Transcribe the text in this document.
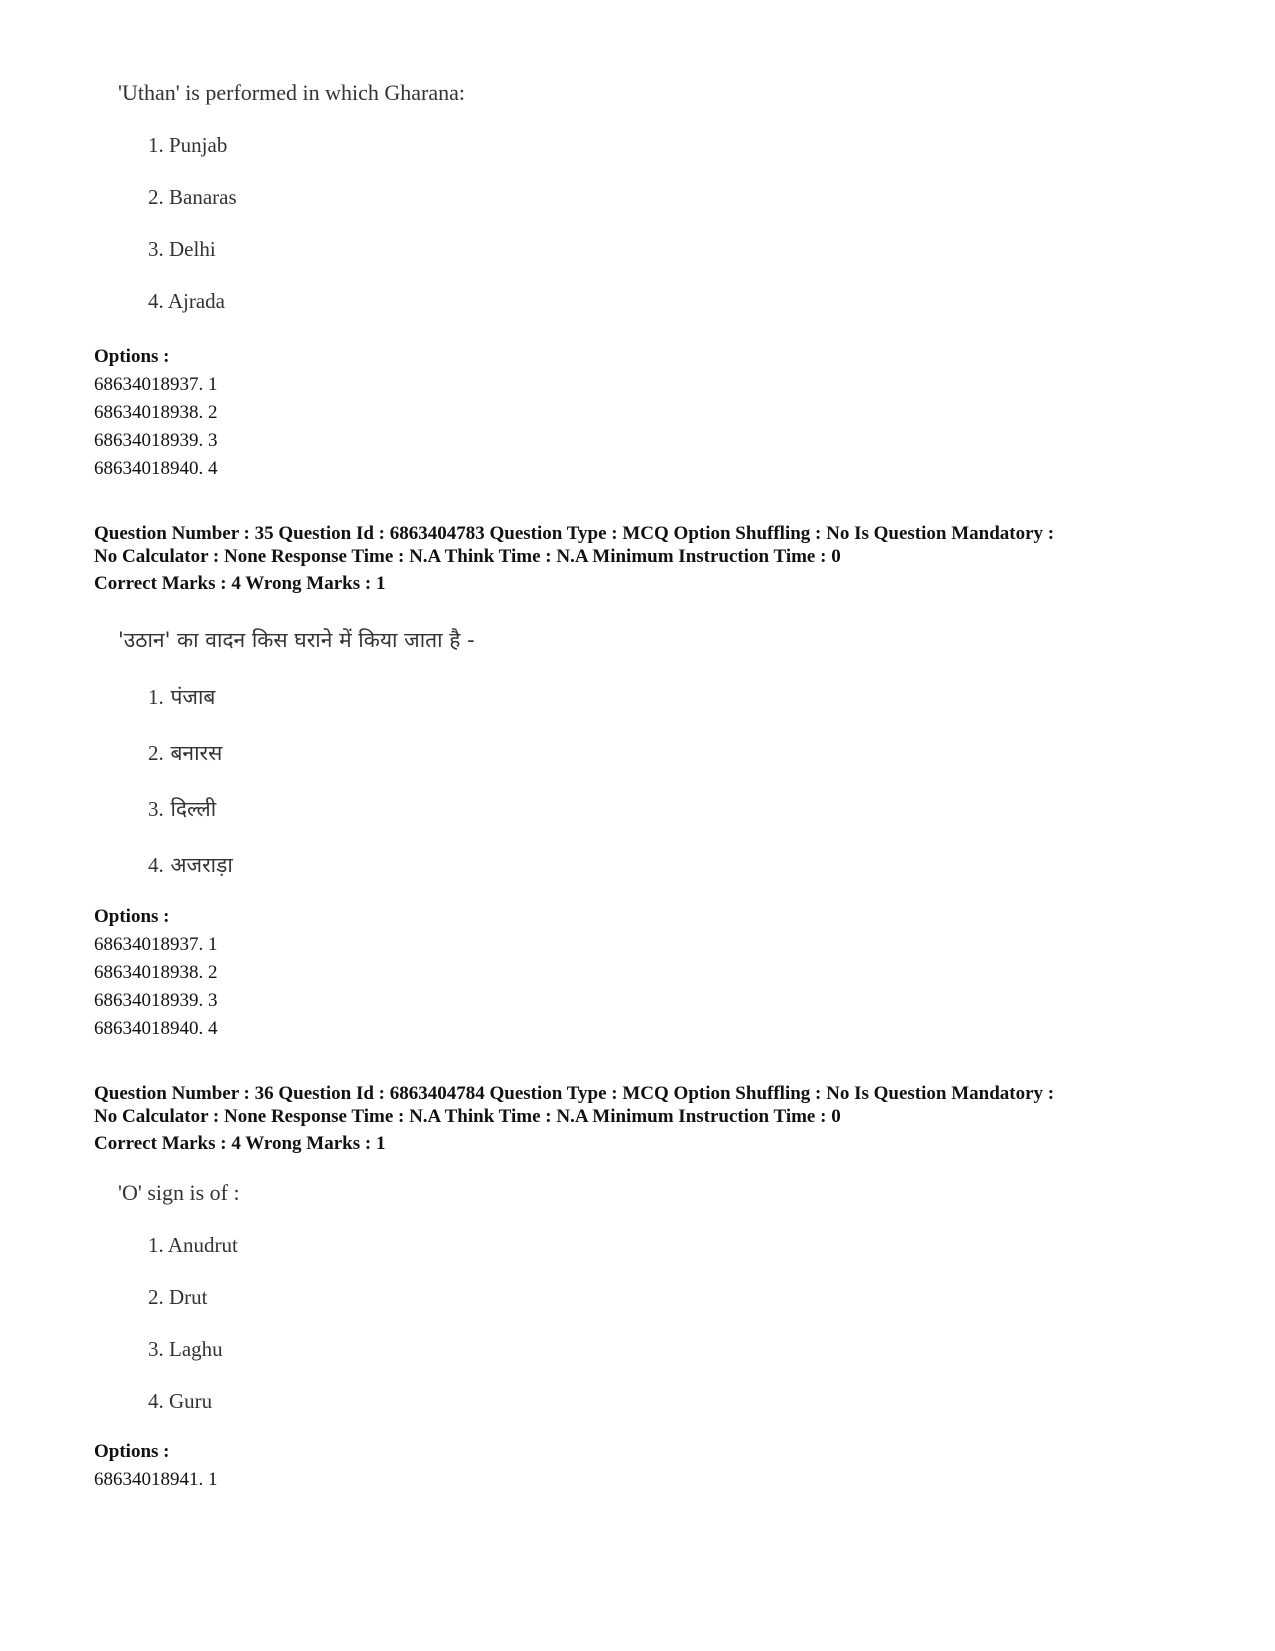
'Uthan' is performed in which Gharana:
1. Punjab
2. Banaras
3. Delhi
4. Ajrada
Options :
68634018937. 1
68634018938. 2
68634018939. 3
68634018940. 4
Question Number : 35 Question Id : 6863404783 Question Type : MCQ Option Shuffling : No Is Question Mandatory :
No Calculator : None Response Time : N.A Think Time : N.A Minimum Instruction Time : 0
Correct Marks : 4 Wrong Marks : 1
'उठान' का वादन किस घराने में किया जाता है -
1. पंजाब
2. बनारस
3. दिल्ली
4. अजराड़ा
Options :
68634018937. 1
68634018938. 2
68634018939. 3
68634018940. 4
Question Number : 36 Question Id : 6863404784 Question Type : MCQ Option Shuffling : No Is Question Mandatory :
No Calculator : None Response Time : N.A Think Time : N.A Minimum Instruction Time : 0
Correct Marks : 4 Wrong Marks : 1
'O' sign is of :
1. Anudrut
2. Drut
3. Laghu
4. Guru
Options :
68634018941. 1
